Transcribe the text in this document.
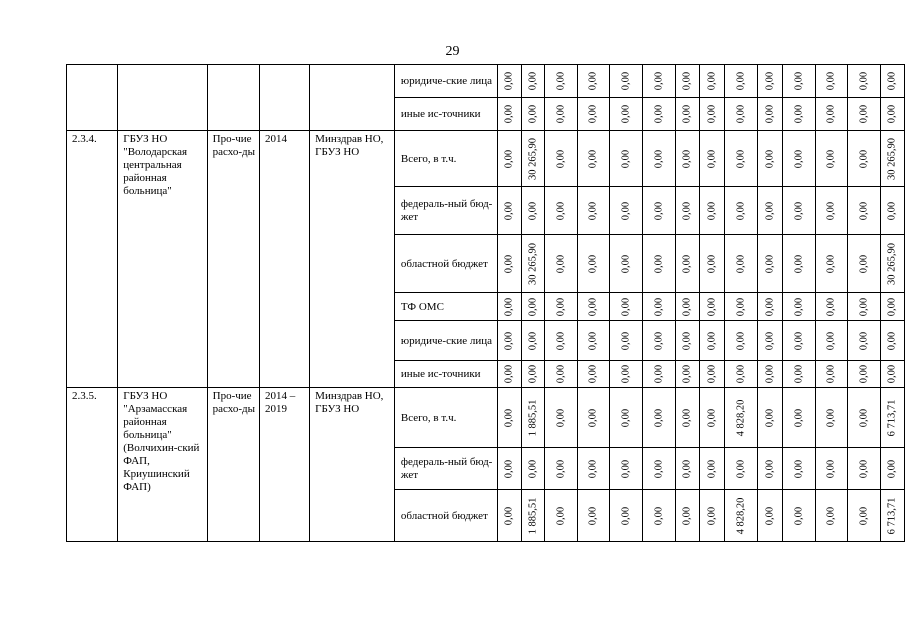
29
					юридиче-ские лица	0,00	0,00	0,00	0,00	0,00	0,00	0,00	0,00	0,00	0,00	0,00	0,00	0,00	0,00

					иные ис-точники	0,00	0,00	0,00	0,00	0,00	0,00	0,00	0,00	0,00	0,00	0,00	0,00	0,00	0,00

2.3.4.	ГБУЗ НО "Володарская центральная районная больница"	Про-чие расхо-ды	2014	Минздрав НО, ГБУЗ НО	Всего, в т.ч.	0,00	30 265,90	0,00	0,00	0,00	0,00	0,00	0,00	0,00	0,00	0,00	0,00	0,00	30 265,90

					федераль-ный бюд-жет	0,00	0,00	0,00	0,00	0,00	0,00	0,00	0,00	0,00	0,00	0,00	0,00	0,00	0,00

					областной бюджет	0,00	30 265,90	0,00	0,00	0,00	0,00	0,00	0,00	0,00	0,00	0,00	0,00	0,00	30 265,90

					ТФ ОМС	0,00	0,00	0,00	0,00	0,00	0,00	0,00	0,00	0,00	0,00	0,00	0,00	0,00	0,00

					юридиче-ские лица	0,00	0,00	0,00	0,00	0,00	0,00	0,00	0,00	0,00	0,00	0,00	0,00	0,00	0,00

					иные ис-точники	0,00	0,00	0,00	0,00	0,00	0,00	0,00	0,00	0,00	0,00	0,00	0,00	0,00	0,00

2.3.5.	ГБУЗ НО "Арзамасская районная больница" (Волчихин-ский ФАП, Криушинский ФАП)	Про-чие расхо-ды	2014 – 2019	Минздрав НО, ГБУЗ НО	Всего, в т.ч.	0,00	1 885,51	0,00	0,00	0,00	0,00	0,00	0,00	4 828,20	0,00	0,00	0,00	0,00	6 713,71

					федераль-ный бюд-жет	0,00	0,00	0,00	0,00	0,00	0,00	0,00	0,00	0,00	0,00	0,00	0,00	0,00	0,00

					областной бюджет	0,00	1 885,51	0,00	0,00	0,00	0,00	0,00	0,00	4 828,20	0,00	0,00	0,00	0,00	6 713,71
